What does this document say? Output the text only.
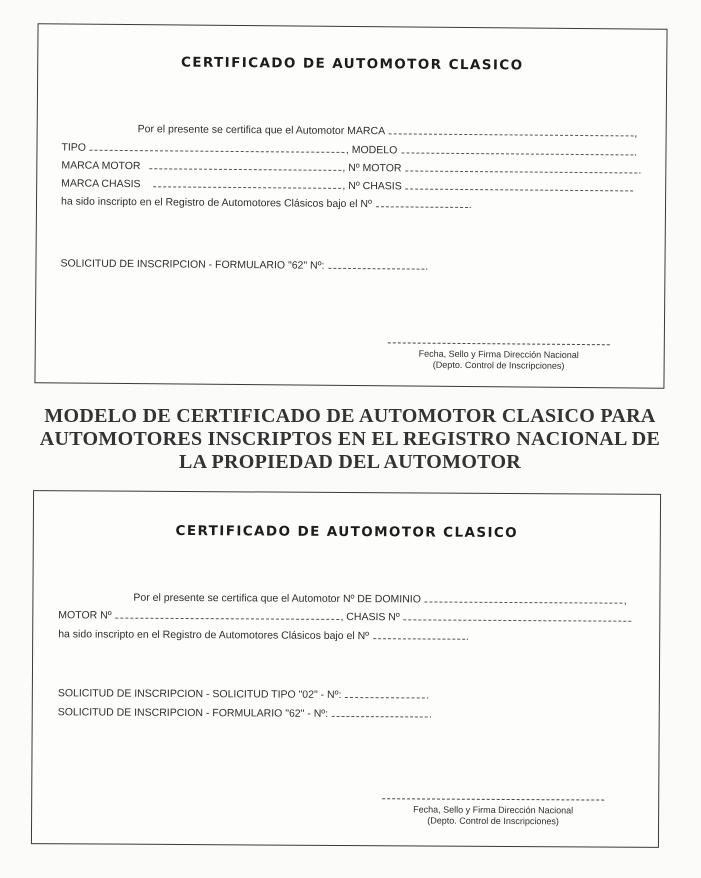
CERTIFICADO DE AUTOMOTOR CLASICO
Por el presente se certifica que el Automotor MARCA	,
TIPO	, MODELO	.
MARCA MOTOR	, Nº MOTOR	.
MARCA CHASIS	, Nº CHASIS
ha sido inscripto en el Registro de Automotores Clásicos bajo el Nº	.
SOLICITUD DE INSCRIPCION - FORMULARIO "62" Nº:	.
Fecha, Sello y Firma Dirección Nacional
(Depto. Control de Inscripciones)
MODELO DE CERTIFICADO DE AUTOMOTOR CLASICO PARA
AUTOMOTORES INSCRIPTOS EN EL REGISTRO NACIONAL DE
LA PROPIEDAD DEL AUTOMOTOR
CERTIFICADO DE AUTOMOTOR CLASICO
Por el presente se certifica que el Automotor Nº DE DOMINIO	,
MOTOR Nº	, CHASIS Nº
ha sido inscripto en el Registro de Automotores Clásicos bajo el Nº	.
SOLICITUD DE INSCRIPCION - SOLICITUD TIPO "02" - Nº:	.
SOLICITUD DE INSCRIPCION - FORMULARIO "62" - Nº:	.
Fecha, Sello y Firma Dirección Nacional
(Depto. Control de Inscripciones)
